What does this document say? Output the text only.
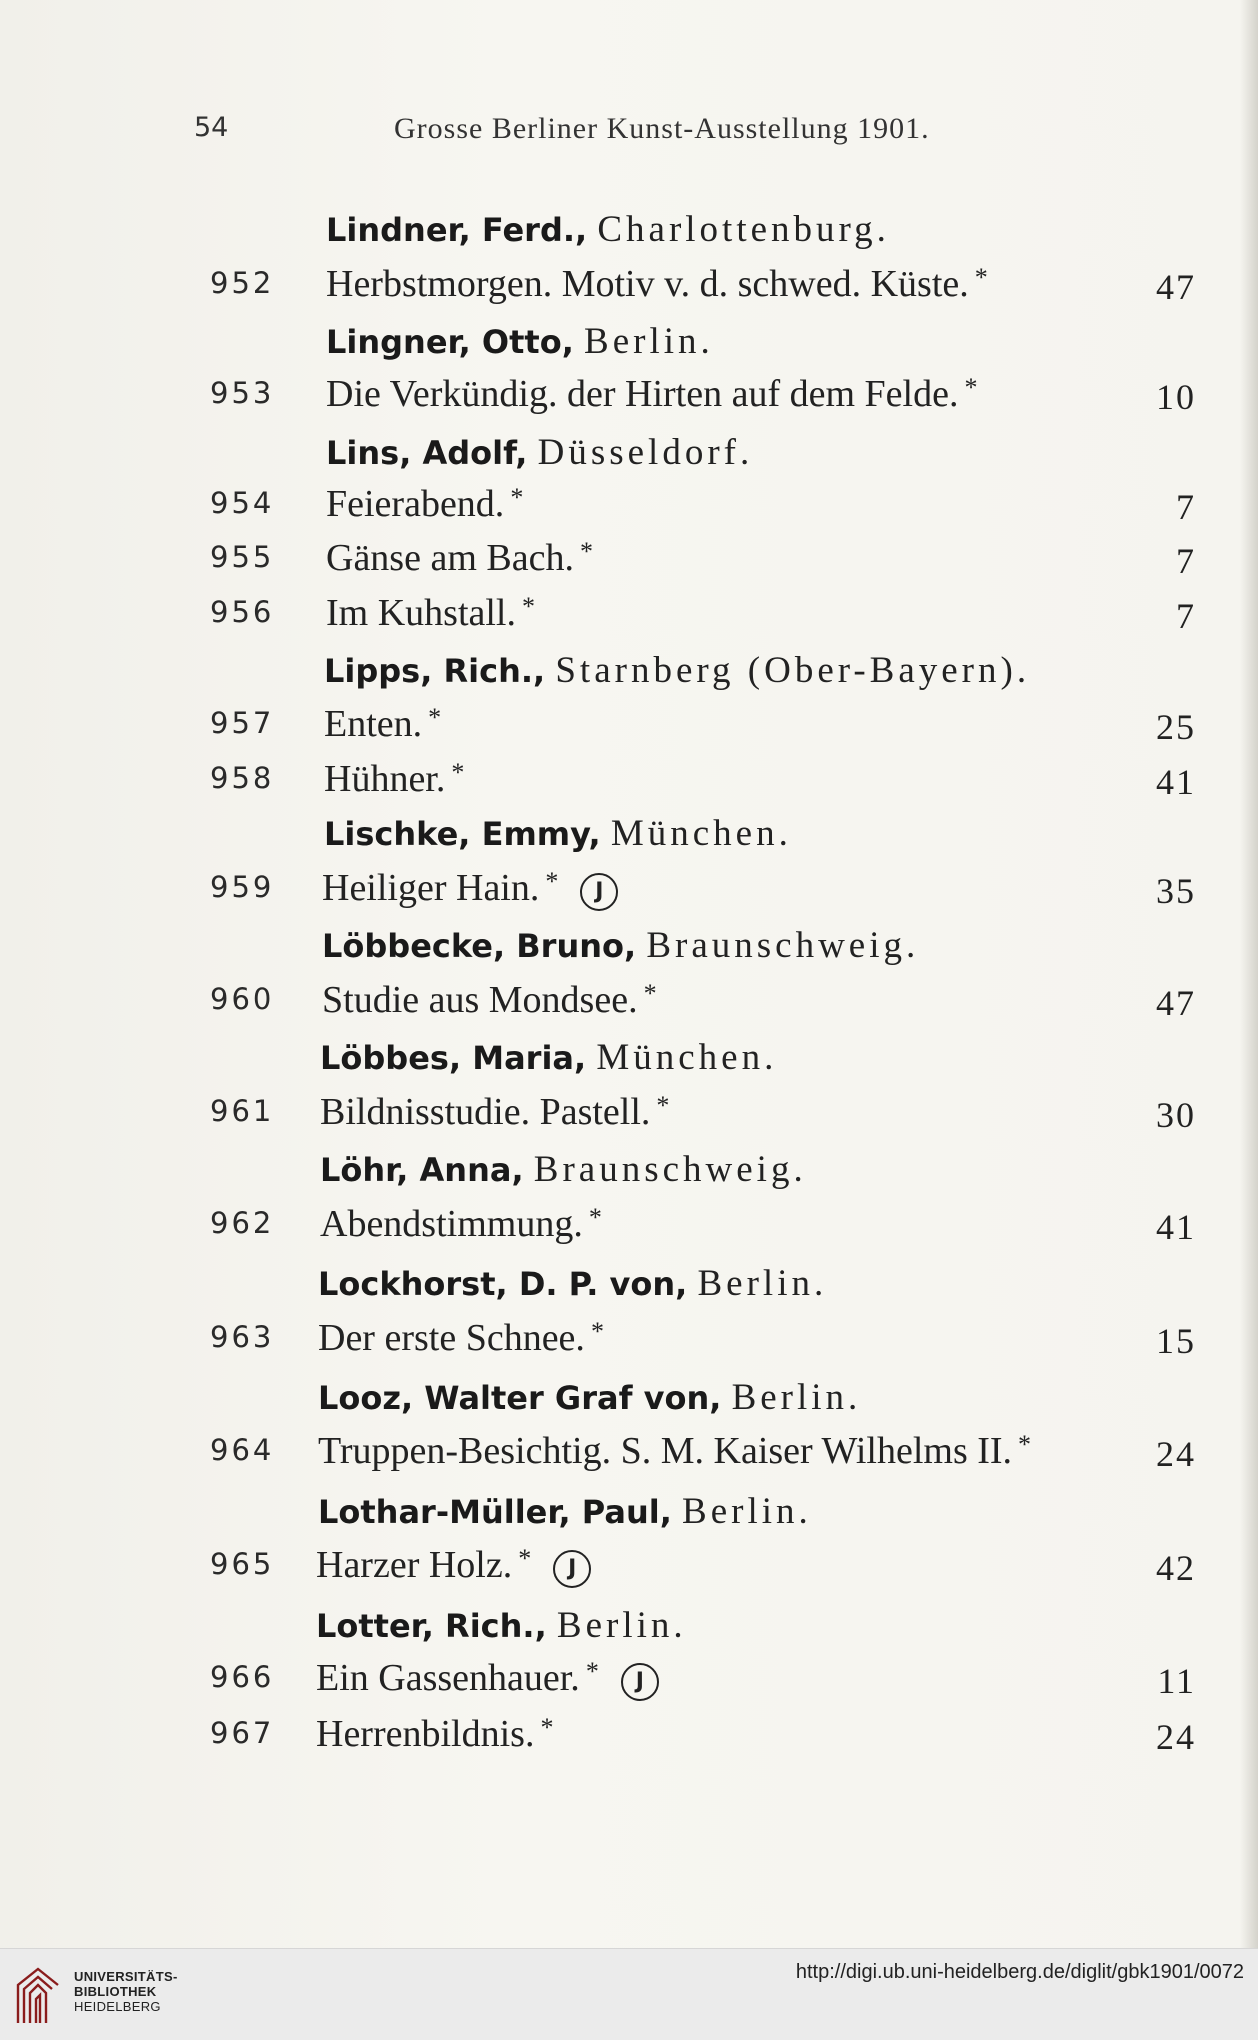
54	Grosse Berliner Kunst-Ausstellung 1901.
Lindner, Ferd., Charlottenburg.
952 Herbstmorgen. Motiv v. d. schwed. Küste. *	47
Lingner, Otto, Berlin.
953 Die Verkündig. der Hirten auf dem Felde. *	10
Lins, Adolf, Düsseldorf.
954 Feierabend. *	7
955 Gänse am Bach. *	7
956 Im Kuhstall. *	7
Lipps, Rich., Starnberg (Ober-Bayern).
957 Enten. *	25
958 Hühner. *	41
Lischke, Emmy, München.
959 Heiliger Hain. * J	35
Löbbecke, Bruno, Braunschweig.
960 Studie aus Mondsee. *	47
Löbbes, Maria, München.
961 Bildnisstudie. Pastell. *	30
Löhr, Anna, Braunschweig.
962 Abendstimmung. *	41
Lockhorst, D. P. von, Berlin.
963 Der erste Schnee. *	15
Looz, Walter Graf von, Berlin.
964 Truppen-Besichtig. S. M. Kaiser Wilhelms II. *	24
Lothar-Müller, Paul, Berlin.
965 Harzer Holz. * J	42
Lotter, Rich., Berlin.
966 Ein Gassenhauer. * J	11
967 Herrenbildnis. *	24
UNIVERSITÄTS-
BIBLIOTHEK
HEIDELBERG
http://digi.ub.uni-heidelberg.de/diglit/gbk1901/0072
